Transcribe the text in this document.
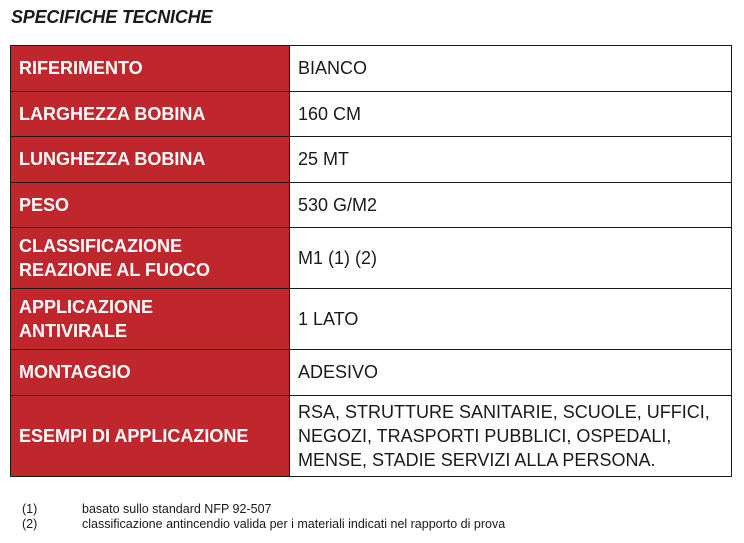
SPECIFICHE TECNICHE
RIFERIMENTO	BIANCO
LARGHEZZA BOBINA	160 CM
LUNGHEZZA BOBINA	25 MT
PESO	530 G/M2
CLASSIFICAZIONE
REAZIONE AL FUOCO	M1 (1) (2)
APPLICAZIONE
ANTIVIRALE	1 LATO
MONTAGGIO	ADESIVO
ESEMPI DI APPLICAZIONE	RSA, STRUTTURE SANITARIE, SCUOLE, UFFICI,
NEGOZI, TRASPORTI PUBBLICI, OSPEDALI,
MENSE, STADIE SERVIZI ALLA PERSONA.
(1)	basato sullo standard NFP 92-507
(2)	classificazione antincendio valida per i materiali indicati nel rapporto di prova
